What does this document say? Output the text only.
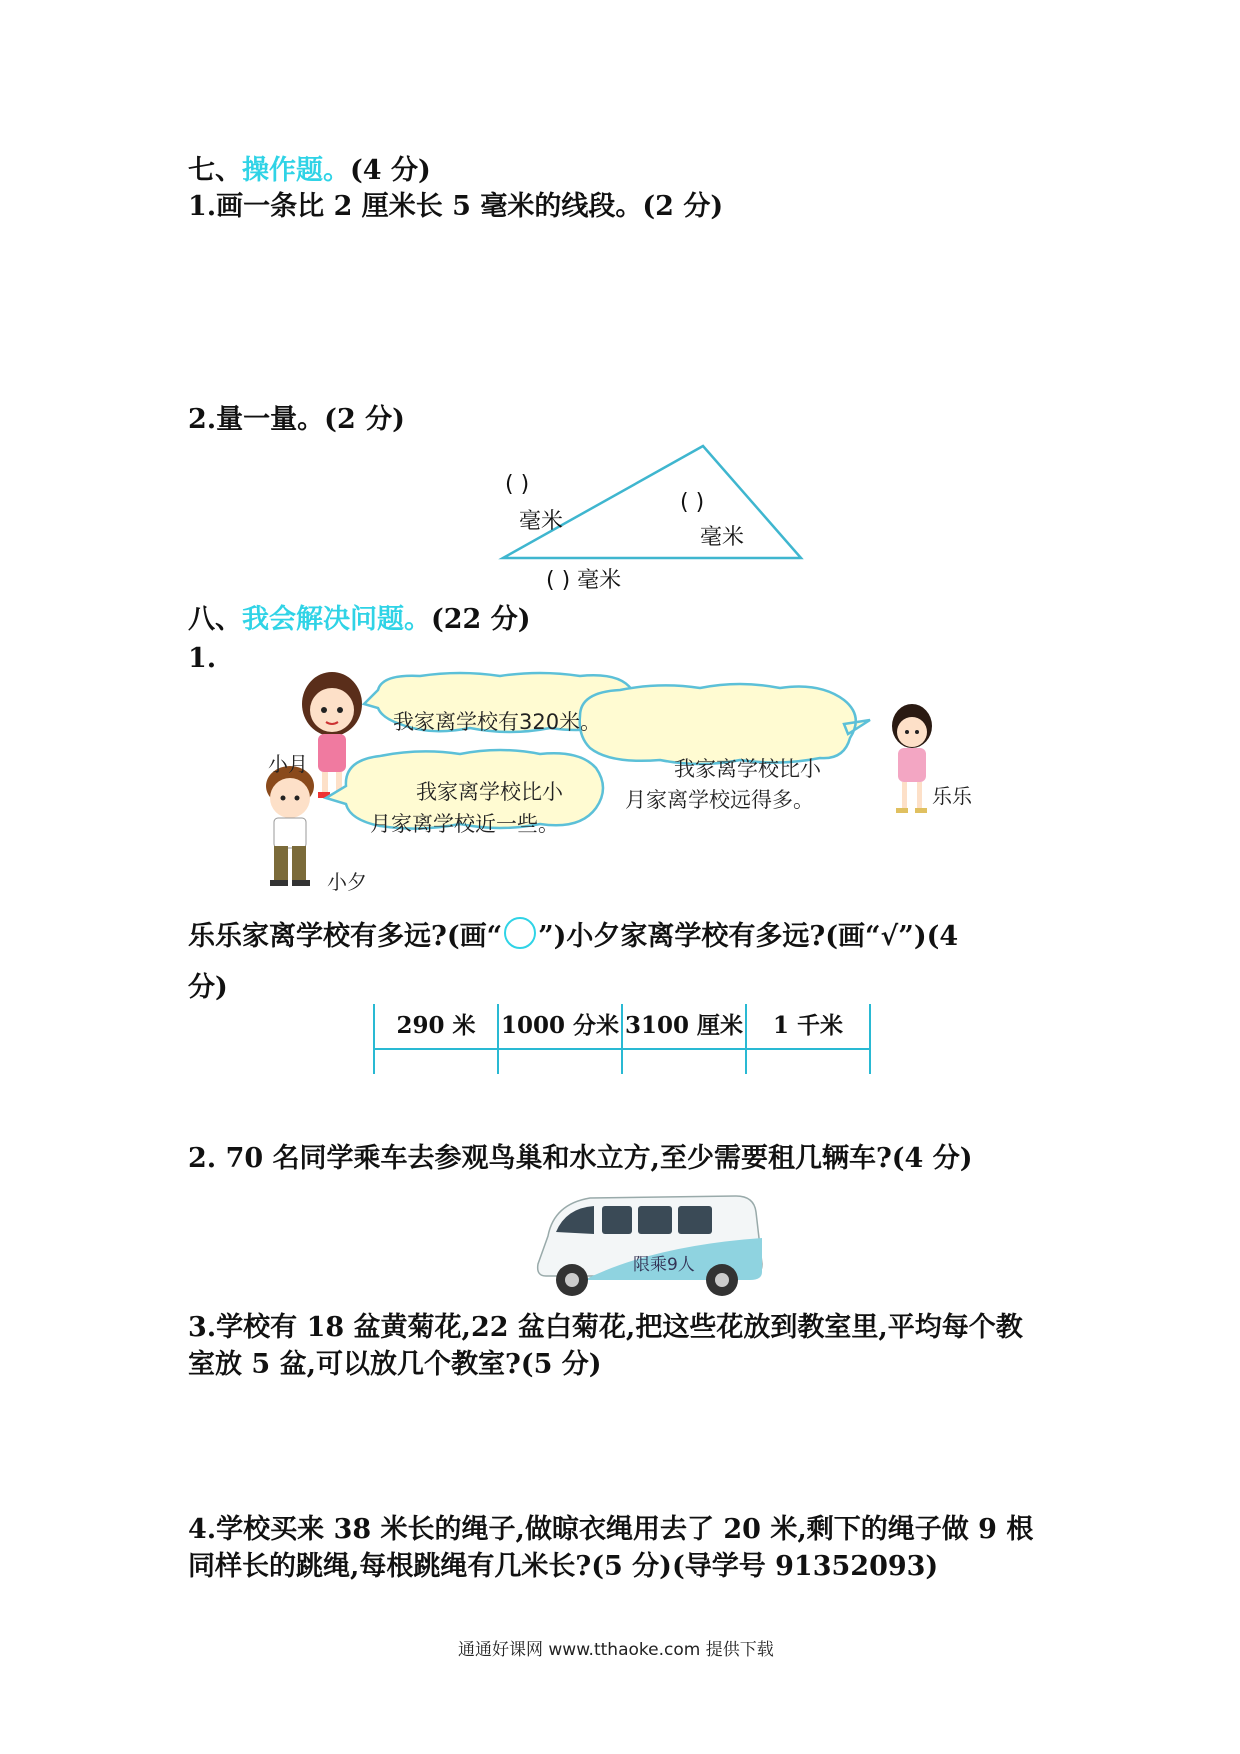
七、操作题。(4 分)
1.画一条比 2 厘米长 5 毫米的线段。(2 分)
2.量一量。(2 分)
( )
毫米
( )
毫米
( ) 毫米
八、我会解决问题。(22 分)
1.
我家离学校有320米。
我家离学校比小
月家离学校近一些。
我家离学校比小
月家离学校远得多。
小月
小夕
乐乐
乐乐家离学校有多远?(画“ ”)小夕家离学校有多远?(画“√”)(4
分)
290 米	1000 分米 3100 厘米	1 千米
2. 70 名同学乘车去参观鸟巢和水立方,至少需要租几辆车?(4 分)
限乘9人
3.学校有 18 盆黄菊花,22 盆白菊花,把这些花放到教室里,平均每个教
室放 5 盆,可以放几个教室?(5 分)
4.学校买来 38 米长的绳子,做晾衣绳用去了 20 米,剩下的绳子做 9 根
同样长的跳绳,每根跳绳有几米长?(5 分)(导学号 91352093)
通通好课网 www.tthaoke.com 提供下载
